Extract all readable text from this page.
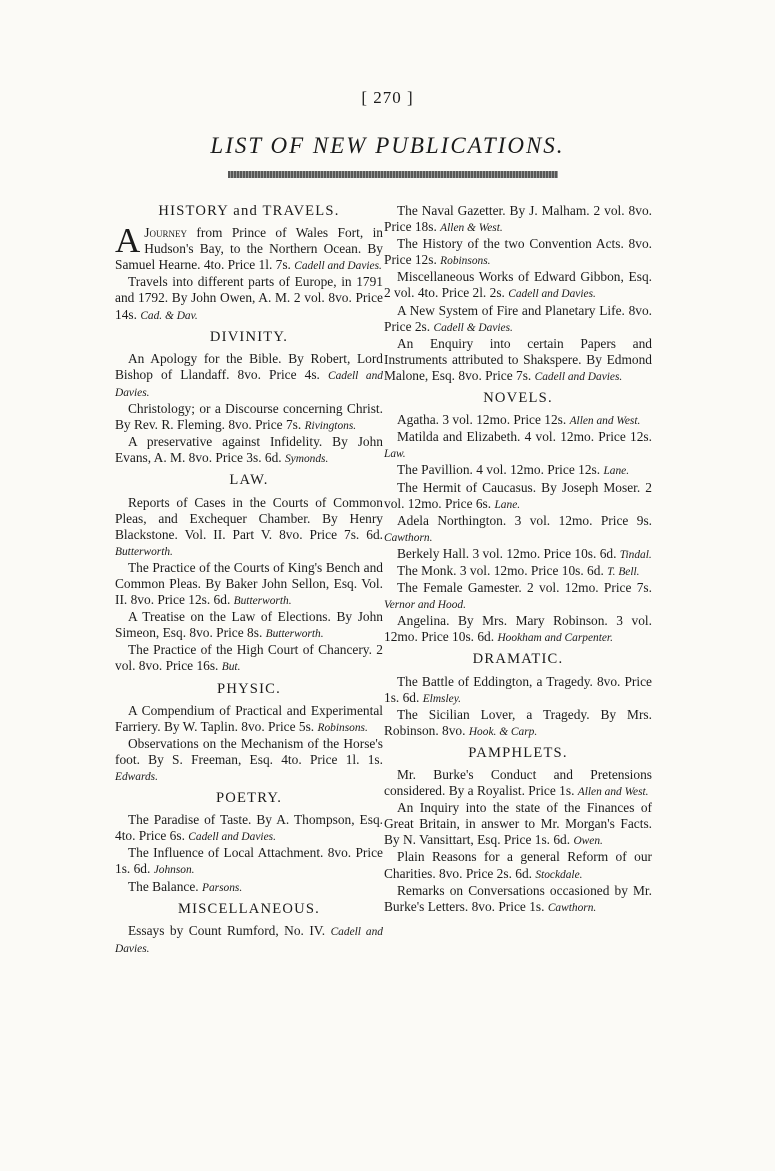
[ 270 ]
LIST OF NEW PUBLICATIONS.
HISTORY and TRAVELS.

A Journey from Prince of Wales Fort, in Hudson's Bay, to the Northern Ocean. By Samuel Hearne. 4to. Price 1l. 7s. Cadell and Davies.

Travels into different parts of Europe, in 1791 and 1792. By John Owen, A. M. 2 vol. 8vo. Price 14s. Cad. & Dav.

DIVINITY.

An Apology for the Bible. By Robert, Lord Bishop of Llandaff. 8vo. Price 4s. Cadell and Davies.

Christology; or a Discourse concerning Christ. By Rev. R. Fleming. 8vo. Price 7s. Rivingtons.

A preservative against Infidelity. By John Evans, A. M. 8vo. Price 3s. 6d. Symonds.

LAW.

Reports of Cases in the Courts of Common Pleas, and Exchequer Chamber. By Henry Blackstone. Vol. II. Part V. 8vo. Price 7s. 6d. Butterworth.

The Practice of the Courts of King's Bench and Common Pleas. By Baker John Sellon, Esq. Vol. II. 8vo. Price 12s. 6d. Butterworth.

A Treatise on the Law of Elections. By John Simeon, Esq. 8vo. Price 8s. Butterworth.

The Practice of the High Court of Chancery. 2 vol. 8vo. Price 16s. But.

PHYSIC.

A Compendium of Practical and Experimental Farriery. By W. Taplin. 8vo. Price 5s. Robinsons.

Observations on the Mechanism of the Horse's foot. By S. Freeman, Esq. 4to. Price 1l. 1s. Edwards.

POETRY.

The Paradise of Taste. By A. Thompson, Esq. 4to. Price 6s. Cadell and Davies.

The Influence of Local Attachment. 8vo. Price 1s. 6d. Johnson.

The Balance. Parsons.

MISCELLANEOUS.

Essays by Count Rumford, No. IV. Cadell and Davies.

The Naval Gazetter. By J. Malham. 2 vol. 8vo. Price 18s. Allen & West.

The History of the two Convention Acts. 8vo. Price 12s. Robinsons.

Miscellaneous Works of Edward Gibbon, Esq. 2 vol. 4to. Price 2l. 2s. Cadell and Davies.

A New System of Fire and Planetary Life. 8vo. Price 2s. Cadell & Davies.

An Enquiry into certain Papers and Instruments attributed to Shakspere. By Edmond Malone, Esq. 8vo. Price 7s. Cadell and Davies.

NOVELS.

Agatha. 3 vol. 12mo. Price 12s. Allen and West.

Matilda and Elizabeth. 4 vol. 12mo. Price 12s. Law.

The Pavillion. 4 vol. 12mo. Price 12s. Lane.

The Hermit of Caucasus. By Joseph Moser. 2 vol. 12mo. Price 6s. Lane.

Adela Northington. 3 vol. 12mo. Price 9s. Cawthorn.

Berkely Hall. 3 vol. 12mo. Price 10s. 6d. Tindal.

The Monk. 3 vol. 12mo. Price 10s. 6d. T. Bell.

The Female Gamester. 2 vol. 12mo. Price 7s. Vernor and Hood.

Angelina. By Mrs. Mary Robinson. 3 vol. 12mo. Price 10s. 6d. Hookham and Carpenter.

DRAMATIC.

The Battle of Eddington, a Tragedy. 8vo. Price 1s. 6d. Elmsley.

The Sicilian Lover, a Tragedy. By Mrs. Robinson. 8vo. Hook. & Carp.

PAMPHLETS.

Mr. Burke's Conduct and Pretensions considered. By a Royalist. Price 1s. Allen and West.

An Inquiry into the state of the Finances of Great Britain, in answer to Mr. Morgan's Facts. By N. Vansittart, Esq. Price 1s. 6d. Owen.

Plain Reasons for a general Reform of our Charities. 8vo. Price 2s. 6d. Stockdale.

Remarks on Conversations occasioned by Mr. Burke's Letters. 8vo. Price 1s. Cawthorn.
